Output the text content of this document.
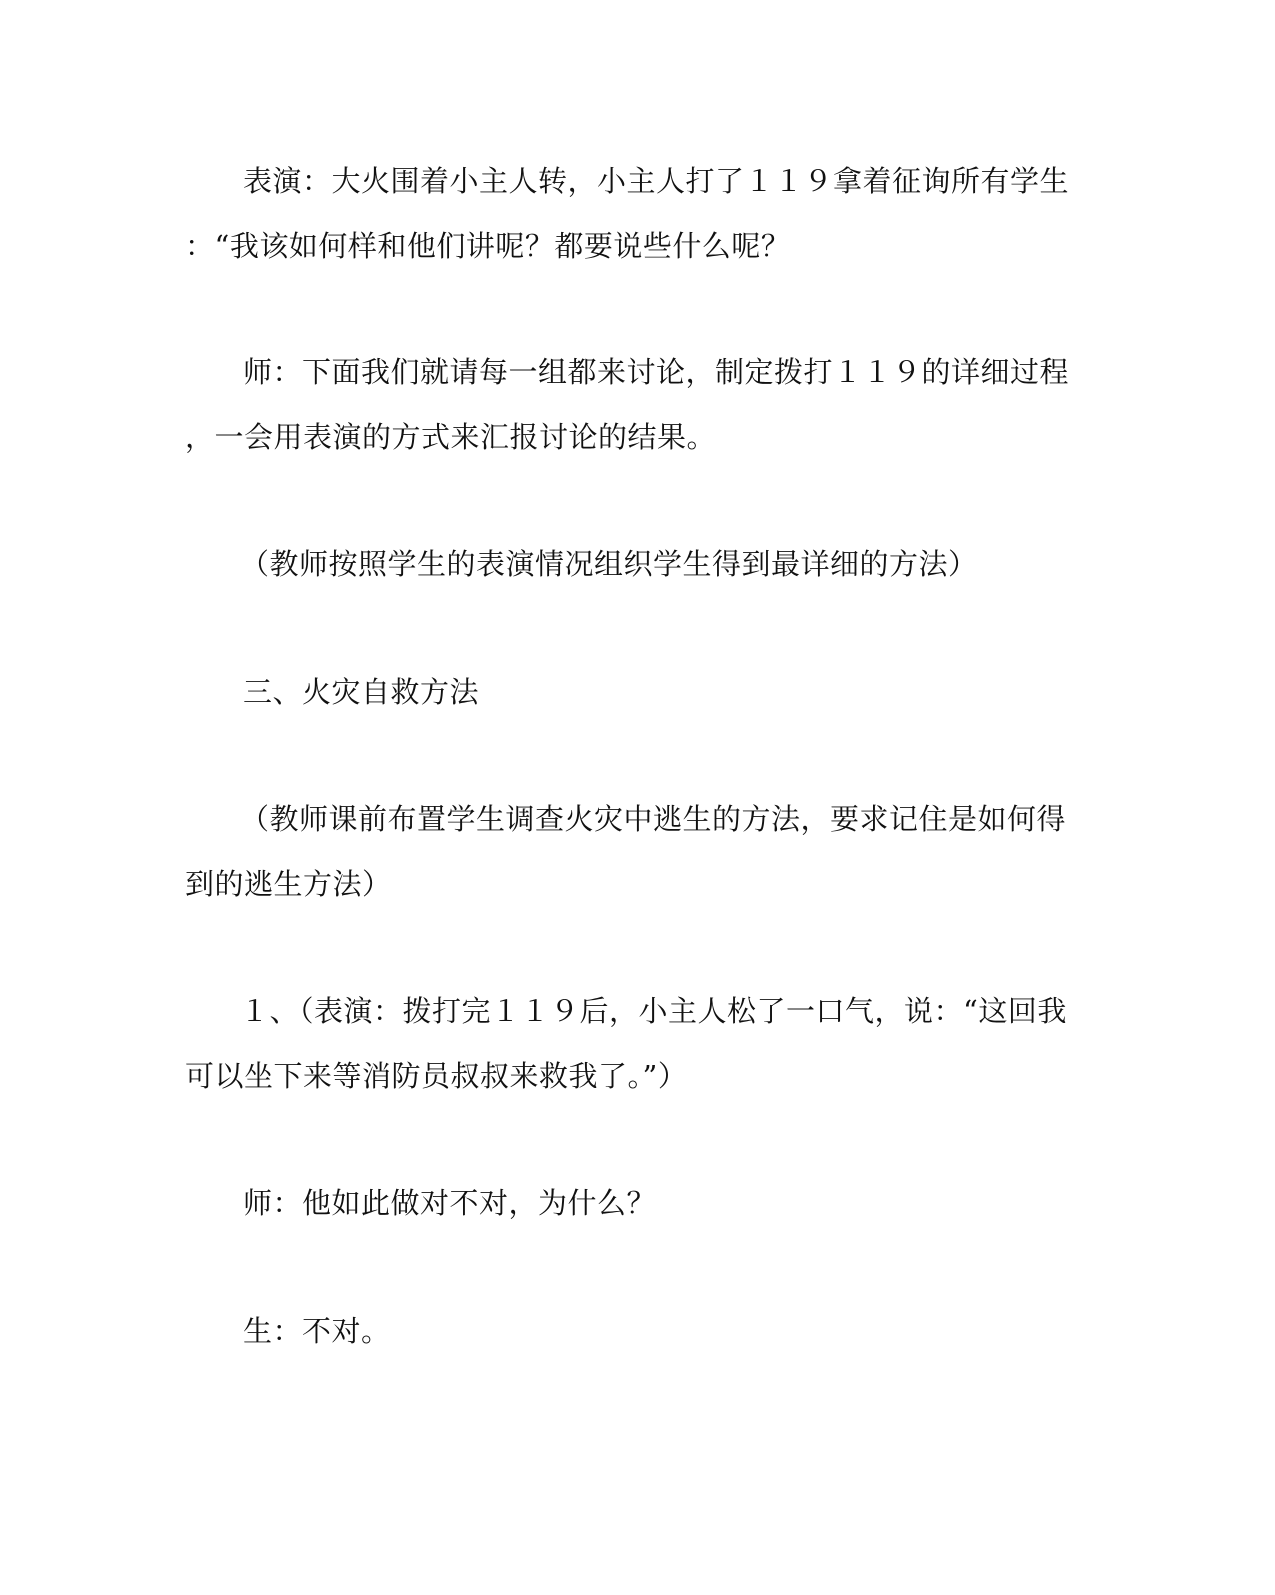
表演：大火围着小主人转，小主人打了１１９拿着征询所有学生
：“我该如何样和他们讲呢？都要说些什么呢？
师：下面我们就请每一组都来讨论，制定拨打１１９的详细过程
，一会用表演的方式来汇报讨论的结果。
（教师按照学生的表演情况组织学生得到最详细的方法）
三、火灾自救方法
（教师课前布置学生调查火灾中逃生的方法，要求记住是如何得
到的逃生方法）
１、（表演：拨打完１１９后，小主人松了一口气，说：“这回我
可以坐下来等消防员叔叔来救我了。”）
师：他如此做对不对，为什么？
生：不对。
